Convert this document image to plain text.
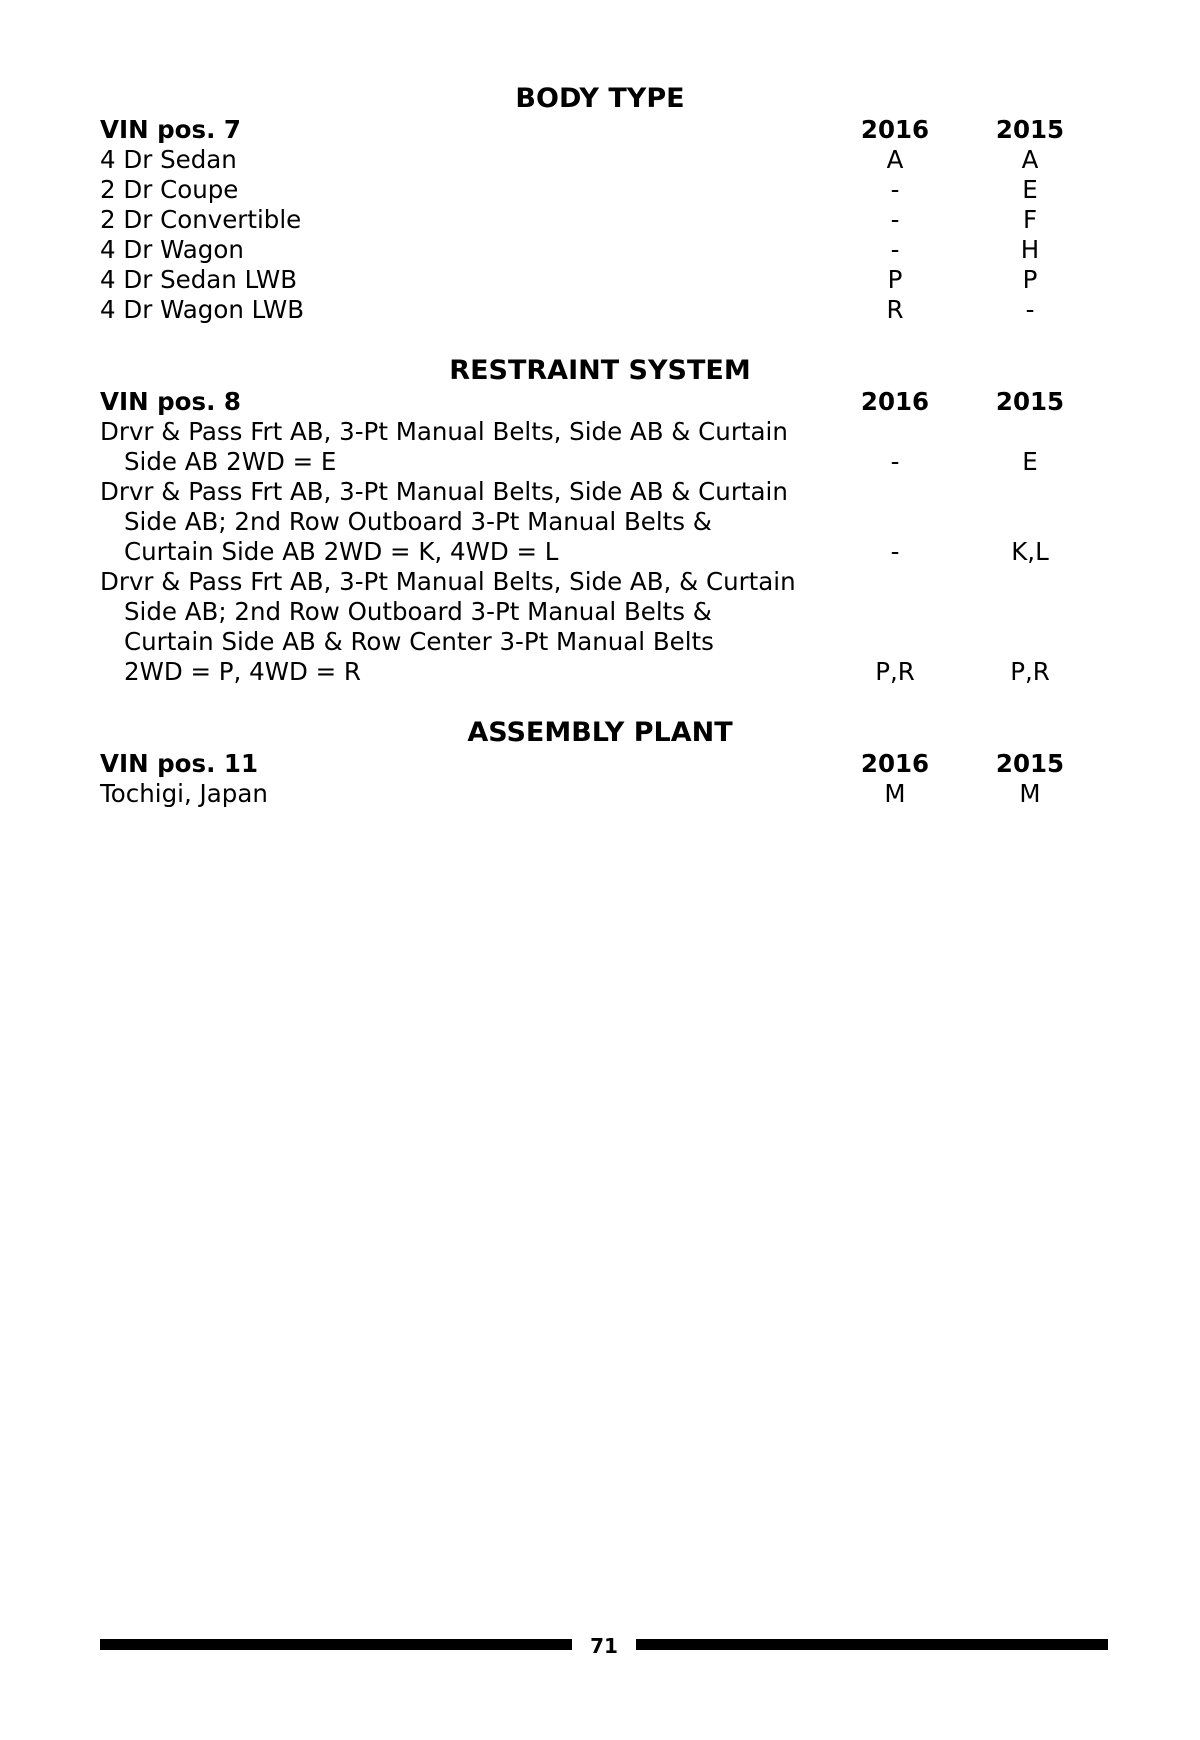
BODY TYPE
VIN pos. 7	2016	2015
4 Dr Sedan	A	A
2 Dr Coupe	-	E
2 Dr Convertible	-	F
4 Dr Wagon	-	H
4 Dr Sedan LWB	P	P
4 Dr Wagon LWB	R	-
RESTRAINT SYSTEM
VIN pos. 8	2016	2015
Drvr & Pass Frt AB, 3-Pt Manual Belts, Side AB & Curtain
Side AB 2WD = E	-	E
Drvr & Pass Frt AB, 3-Pt Manual Belts, Side AB & Curtain
Side AB; 2nd Row Outboard 3-Pt Manual Belts &
Curtain Side AB 2WD = K, 4WD = L	-	K,L
Drvr & Pass Frt AB, 3-Pt Manual Belts, Side AB, & Curtain
Side AB; 2nd Row Outboard 3-Pt Manual Belts &
Curtain Side AB & Row Center 3-Pt Manual Belts
2WD = P, 4WD = R	P,R	P,R
ASSEMBLY PLANT
VIN pos. 11	2016	2015
Tochigi, Japan	M	M
71
